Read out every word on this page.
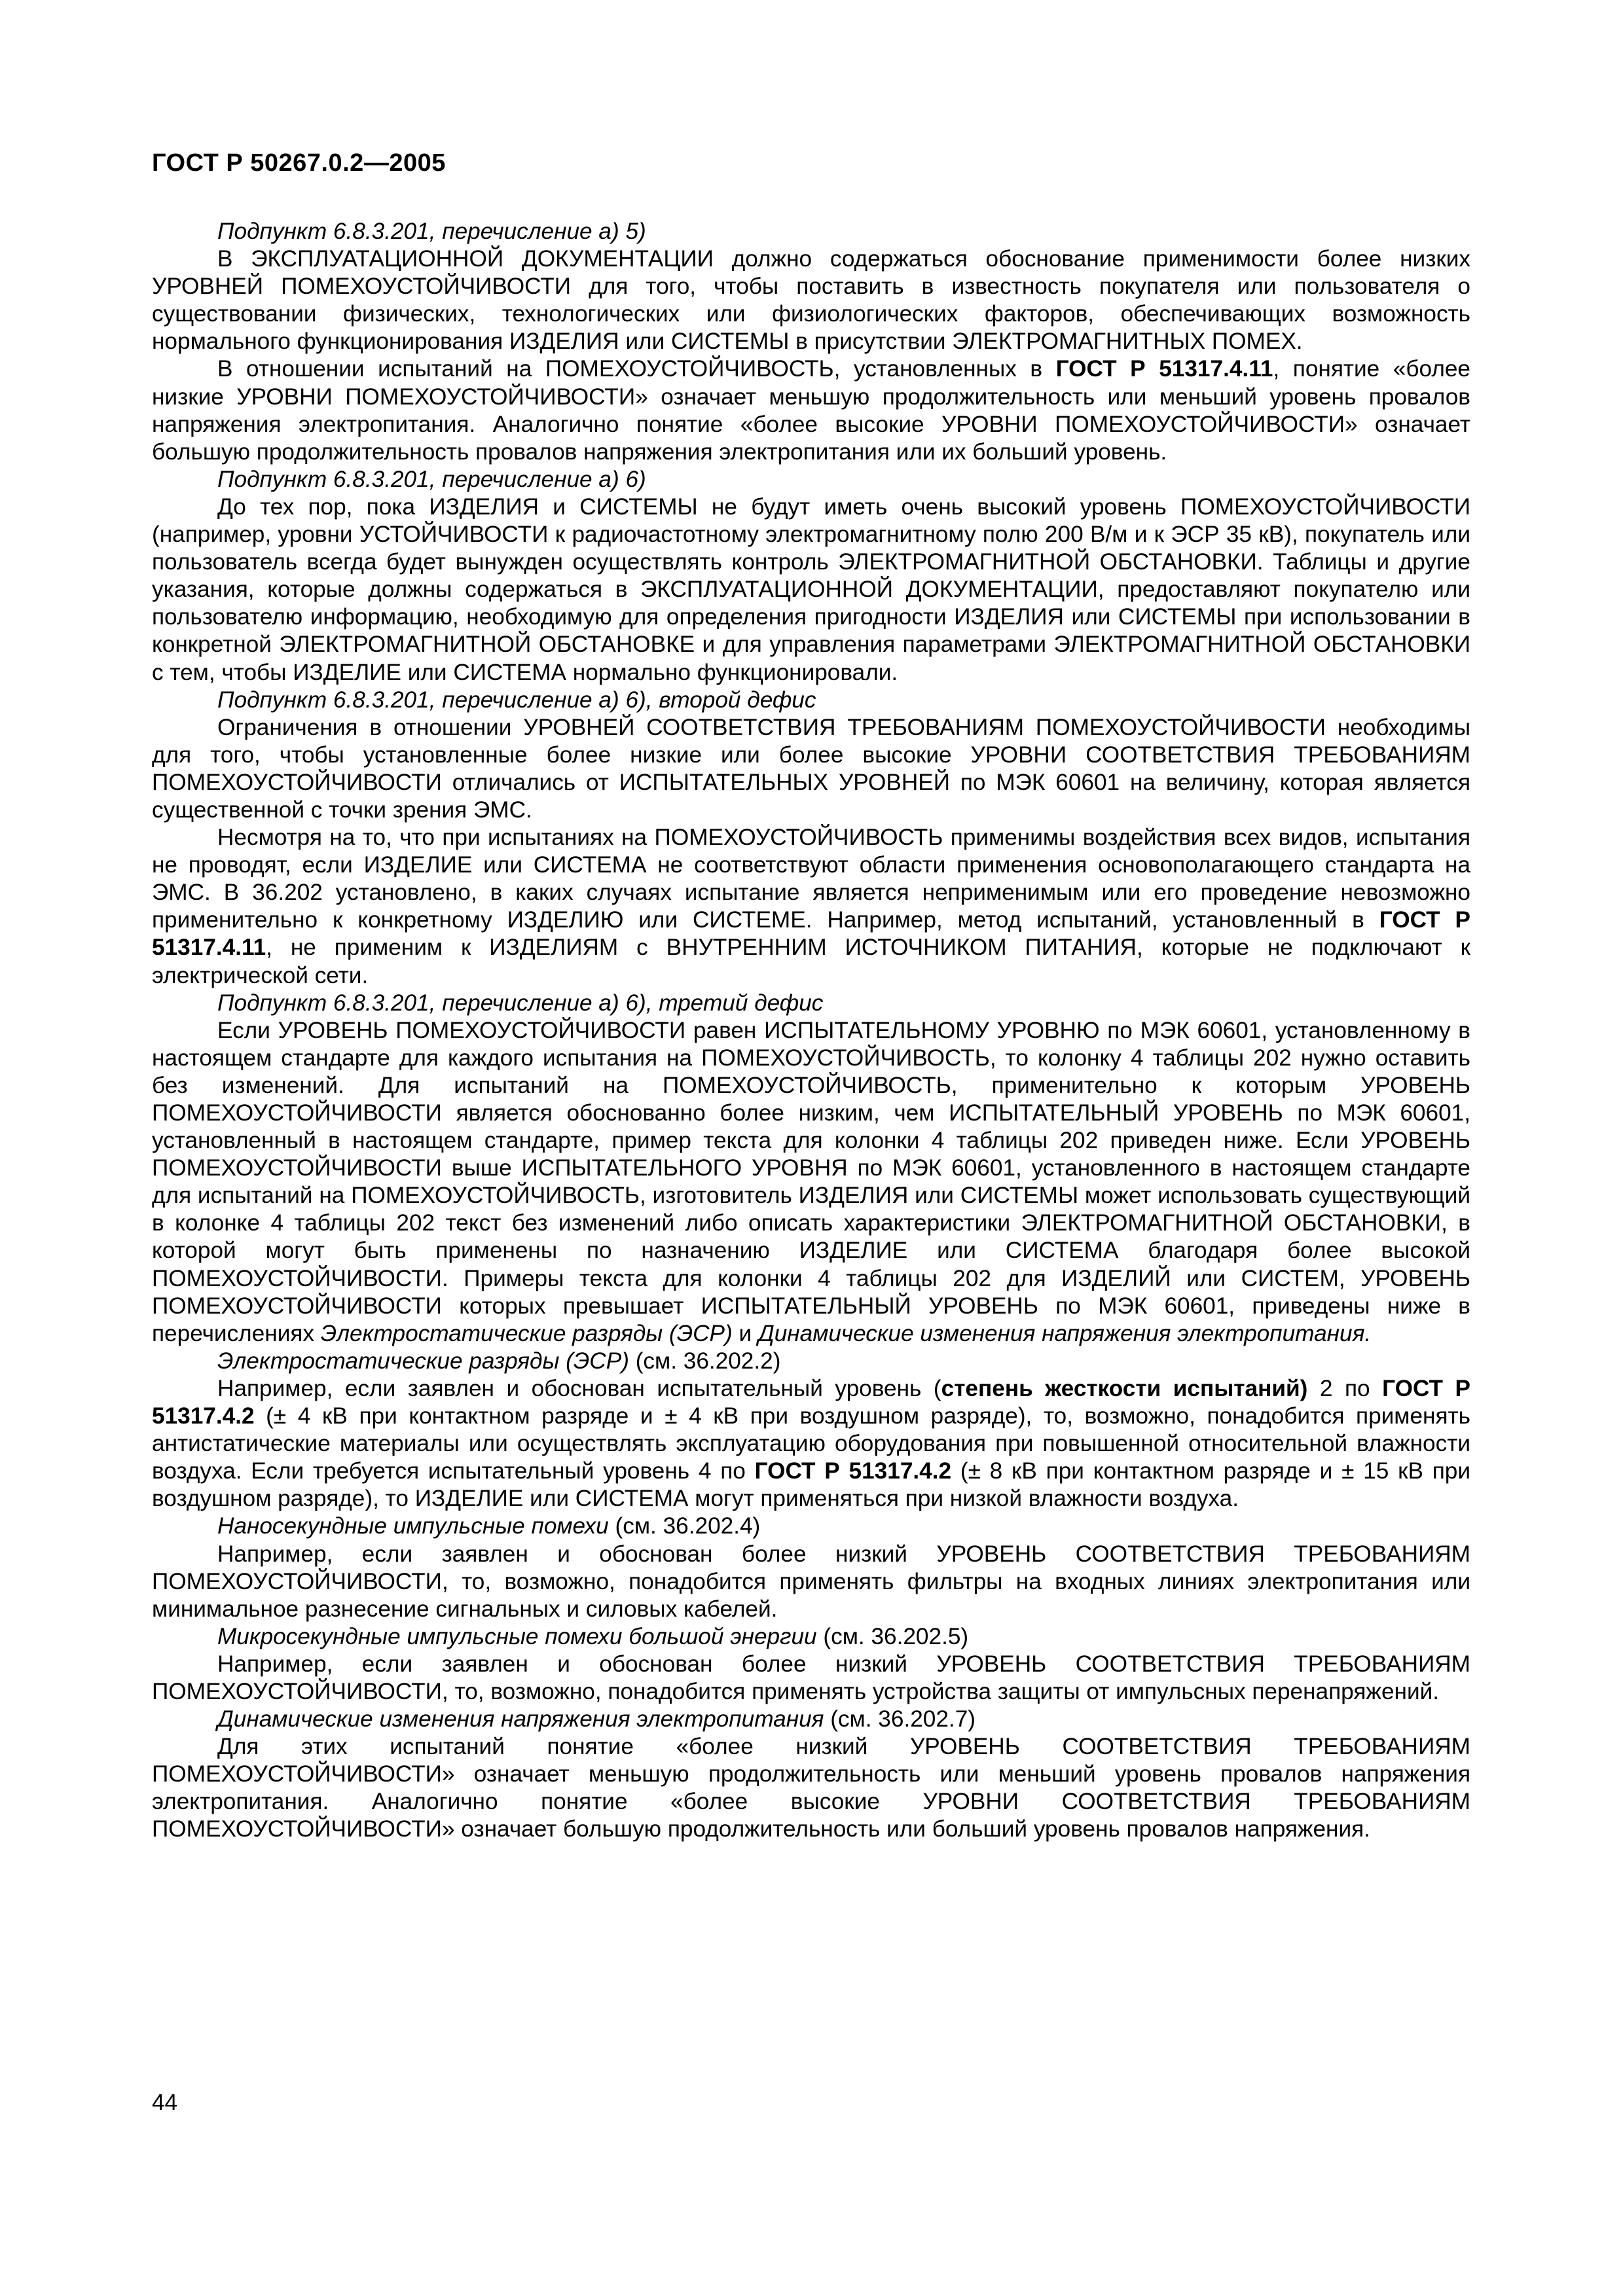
ГОСТ Р 50267.0.2—2005

Подпункт 6.8.3.201, перечисление а) 5)

В ЭКСПЛУАТАЦИОННОЙ ДОКУМЕНТАЦИИ должно содержаться обоснование применимости более низких УРОВНЕЙ ПОМЕХОУСТОЙЧИВОСТИ для того, чтобы поставить в известность покупателя или пользователя о существовании физических, технологических или физиологических факторов, обеспечивающих возможность нормального функционирования ИЗДЕЛИЯ или СИСТЕМЫ в присутствии ЭЛЕКТРОМАГНИТНЫХ ПОМЕХ.

В отношении испытаний на ПОМЕХОУСТОЙЧИВОСТЬ, установленных в ГОСТ Р 51317.4.11, понятие «более низкие УРОВНИ ПОМЕХОУСТОЙЧИВОСТИ» означает меньшую продолжительность или меньший уровень провалов напряжения электропитания. Аналогично понятие «более высокие УРОВНИ ПОМЕХОУСТОЙЧИВОСТИ» означает большую продолжительность провалов напряжения электропитания или их больший уровень.

Подпункт 6.8.3.201, перечисление а) 6)

До тех пор, пока ИЗДЕЛИЯ и СИСТЕМЫ не будут иметь очень высокий уровень ПОМЕХОУСТОЙЧИВОСТИ (например, уровни УСТОЙЧИВОСТИ к радиочастотному электромагнитному полю 200 В/м и к ЭСР 35 кВ), покупатель или пользователь всегда будет вынужден осуществлять контроль ЭЛЕКТРОМАГНИТНОЙ ОБСТАНОВКИ. Таблицы и другие указания, которые должны содержаться в ЭКСПЛУАТАЦИОННОЙ ДОКУМЕНТАЦИИ, предоставляют покупателю или пользователю информацию, необходимую для определения пригодности ИЗДЕЛИЯ или СИСТЕМЫ при использовании в конкретной ЭЛЕКТРОМАГНИТНОЙ ОБСТАНОВКЕ и для управления параметрами ЭЛЕКТРОМАГНИТНОЙ ОБСТАНОВКИ с тем, чтобы ИЗДЕЛИЕ или СИСТЕМА нормально функционировали.

Подпункт 6.8.3.201, перечисление а) 6), второй дефис

Ограничения в отношении УРОВНЕЙ СООТВЕТСТВИЯ ТРЕБОВАНИЯМ ПОМЕХОУСТОЙЧИВОСТИ необходимы для того, чтобы установленные более низкие или более высокие УРОВНИ СООТВЕТСТВИЯ ТРЕБОВАНИЯМ ПОМЕХОУСТОЙЧИВОСТИ отличались от ИСПЫТАТЕЛЬНЫХ УРОВНЕЙ по МЭК 60601 на величину, которая является существенной с точки зрения ЭМС.

Несмотря на то, что при испытаниях на ПОМЕХОУСТОЙЧИВОСТЬ применимы воздействия всех видов, испытания не проводят, если ИЗДЕЛИЕ или СИСТЕМА не соответствуют области применения основополагающего стандарта на ЭМС. В 36.202 установлено, в каких случаях испытание является неприменимым или его проведение невозможно применительно к конкретному ИЗДЕЛИЮ или СИСТЕМЕ. Например, метод испытаний, установленный в ГОСТ Р 51317.4.11, не применим к ИЗДЕЛИЯМ с ВНУТРЕННИМ ИСТОЧНИКОМ ПИТАНИЯ, которые не подключают к электрической сети.

Подпункт 6.8.3.201, перечисление а) 6), третий дефис

Если УРОВЕНЬ ПОМЕХОУСТОЙЧИВОСТИ равен ИСПЫТАТЕЛЬНОМУ УРОВНЮ по МЭК 60601, установленному в настоящем стандарте для каждого испытания на ПОМЕХОУСТОЙЧИВОСТЬ, то колонку 4 таблицы 202 нужно оставить без изменений. Для испытаний на ПОМЕХОУСТОЙЧИВОСТЬ, применительно к которым УРОВЕНЬ ПОМЕХОУСТОЙЧИВОСТИ является обоснованно более низким, чем ИСПЫТАТЕЛЬНЫЙ УРОВЕНЬ по МЭК 60601, установленный в настоящем стандарте, пример текста для колонки 4 таблицы 202 приведен ниже. Если УРОВЕНЬ ПОМЕХОУСТОЙЧИВОСТИ выше ИСПЫТАТЕЛЬНОГО УРОВНЯ по МЭК 60601, установленного в настоящем стандарте для испытаний на ПОМЕХОУСТОЙЧИВОСТЬ, изготовитель ИЗДЕЛИЯ или СИСТЕМЫ может использовать существующий в колонке 4 таблицы 202 текст без изменений либо описать характеристики ЭЛЕКТРОМАГНИТНОЙ ОБСТАНОВКИ, в которой могут быть применены по назначению ИЗДЕЛИЕ или СИСТЕМА благодаря более высокой ПОМЕХОУСТОЙЧИВОСТИ. Примеры текста для колонки 4 таблицы 202 для ИЗДЕЛИЙ или СИСТЕМ, УРОВЕНЬ ПОМЕХОУСТОЙЧИВОСТИ которых превышает ИСПЫТАТЕЛЬНЫЙ УРОВЕНЬ по МЭК 60601, приведены ниже в перечислениях Электростатические разряды (ЭСР) и Динамические изменения напряжения электропитания.

Электростатические разряды (ЭСР) (см. 36.202.2)

Например, если заявлен и обоснован испытательный уровень (степень жесткости испытаний) 2 по ГОСТ Р 51317.4.2 (± 4 кВ при контактном разряде и ± 4 кВ при воздушном разряде), то, возможно, понадобится применять антистатические материалы или осуществлять эксплуатацию оборудования при повышенной относительной влажности воздуха. Если требуется испытательный уровень 4 по ГОСТ Р 51317.4.2 (± 8 кВ при контактном разряде и ± 15 кВ при воздушном разряде), то ИЗДЕЛИЕ или СИСТЕМА могут применяться при низкой влажности воздуха.

Наносекундные импульсные помехи (см. 36.202.4)

Например, если заявлен и обоснован более низкий УРОВЕНЬ СООТВЕТСТВИЯ ТРЕБОВАНИЯМ ПОМЕХОУСТОЙЧИВОСТИ, то, возможно, понадобится применять фильтры на входных линиях электропитания или минимальное разнесение сигнальных и силовых кабелей.

Микросекундные импульсные помехи большой энергии (см. 36.202.5)

Например, если заявлен и обоснован более низкий УРОВЕНЬ СООТВЕТСТВИЯ ТРЕБОВАНИЯМ ПОМЕХОУСТОЙЧИВОСТИ, то, возможно, понадобится применять устройства защиты от импульсных перенапряжений.

Динамические изменения напряжения электропитания (см. 36.202.7)

Для этих испытаний понятие «более низкий УРОВЕНЬ СООТВЕТСТВИЯ ТРЕБОВАНИЯМ ПОМЕХОУСТОЙЧИВОСТИ» означает меньшую продолжительность или меньший уровень провалов напряжения электропитания. Аналогично понятие «более высокие УРОВНИ СООТВЕТСТВИЯ ТРЕБОВАНИЯМ ПОМЕХОУСТОЙЧИВОСТИ» означает большую продолжительность или больший уровень провалов напряжения.

44
